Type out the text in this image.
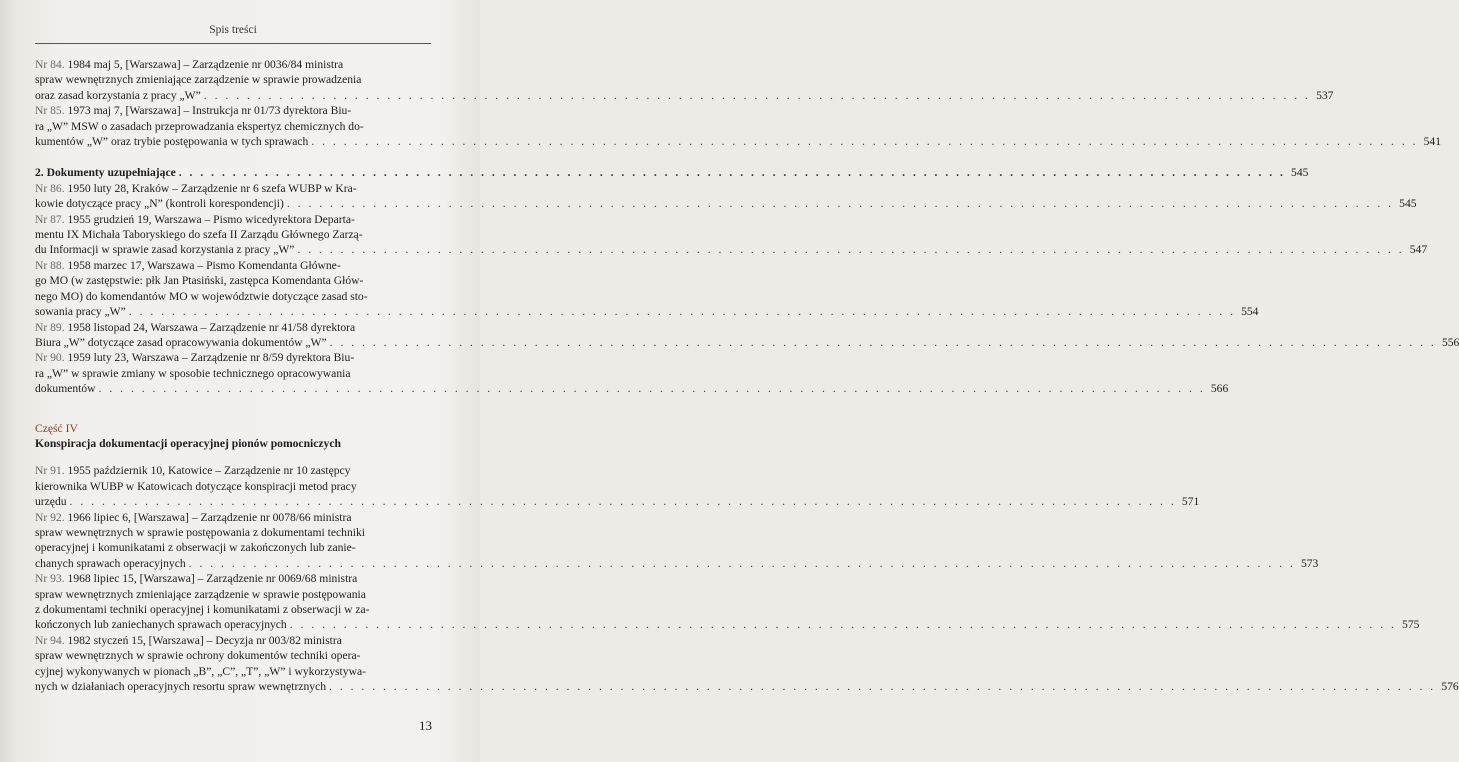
Spis treści
Nr 84. 1984 maj 5, [Warszawa] – Zarządzenie nr 0036/84 ministra
spraw wewnętrznych zmieniające zarządzenie w sprawie prowadzenia
oraz zasad korzystania z pracy „W” . . .	537
Nr 85. 1973 maj 7, [Warszawa] – Instrukcja nr 01/73 dyrektora Biu-
ra „W” MSW o zasadach przeprowadzania ekspertyz chemicznych do-
kumentów „W” oraz trybie postępowania w tych sprawach . . .	541
2. Dokumenty uzupełniające . . .	545
Nr 86. 1950 luty 28, Kraków – Zarządzenie nr 6 szefa WUBP w Kra-
kowie dotyczące pracy „N” (kontroli korespondencji) . . .	545
Nr 87. 1955 grudzień 19, Warszawa – Pismo wicedyrektora Departa-
mentu IX Michała Taboryskiego do szefa II Zarządu Głównego Zarzą-
du Informacji w sprawie zasad korzystania z pracy „W” . . .	547
Nr 88. 1958 marzec 17, Warszawa – Pismo Komendanta Główne-
go MO (w zastępstwie: płk Jan Ptasiński, zastępca Komendanta Głów-
nego MO) do komendantów MO w województwie dotyczące zasad sto-
sowania pracy „W” . . .	554
Nr 89. 1958 listopad 24, Warszawa – Zarządzenie nr 41/58 dyrektora
Biura „W” dotyczące zasad opracowywania dokumentów „W” . . .	556
Nr 90. 1959 luty 23, Warszawa – Zarządzenie nr 8/59 dyrektora Biu-
ra „W” w sprawie zmiany w sposobie technicznego opracowywania
dokumentów . . .	566
Część IV
Konspiracja dokumentacji operacyjnej pionów pomocniczych
Nr 91. 1955 październik 10, Katowice – Zarządzenie nr 10 zastępcy
kierownika WUBP w Katowicach dotyczące konspiracji metod pracy
urzędu . . .	571
Nr 92. 1966 lipiec 6, [Warszawa] – Zarządzenie nr 0078/66 ministra
spraw wewnętrznych w sprawie postępowania z dokumentami techniki
operacyjnej i komunikatami z obserwacji w zakończonych lub zanie-
chanych sprawach operacyjnych . . .	573
Nr 93. 1968 lipiec 15, [Warszawa] – Zarządzenie nr 0069/68 ministra
spraw wewnętrznych zmieniające zarządzenie w sprawie postępowania
z dokumentami techniki operacyjnej i komunikatami z obserwacji w za-
kończonych lub zaniechanych sprawach operacyjnych . . .	575
Nr 94. 1982 styczeń 15, [Warszawa] – Decyzja nr 003/82 ministra
spraw wewnętrznych w sprawie ochrony dokumentów techniki opera-
cyjnej wykonywanych w pionach „B”, „C”, „T”, „W” i wykorzystywa-
nych w działaniach operacyjnych resortu spraw wewnętrznych . . .	576
13
